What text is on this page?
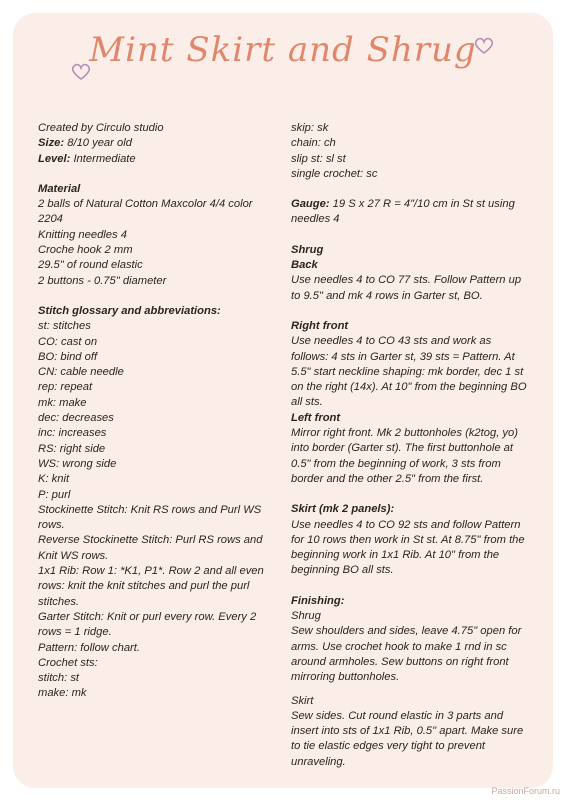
Mint Skirt and Shrug

Created by Circulo studio

Size: 8/10 year old

Level: Intermediate

Material

2 balls of Natural Cotton Maxcolor 4/4 color 2204

Knitting needles 4

Croche hook 2 mm

29.5" of round elastic

2 buttons - 0.75" diameter

Stitch glossary and abbreviations:

st: stitches

CO: cast on

BO: bind off

CN: cable needle

rep: repeat

mk: make

dec: decreases

inc: increases

RS: right side

WS: wrong side

K: knit

P: purl

Stockinette Stitch: Knit RS rows and Purl WS rows.

Reverse Stockinette Stitch: Purl RS rows and Knit WS rows.

1x1 Rib: Row 1: *K1, P1*. Row 2 and all even rows: knit the knit stitches and purl the purl stitches.

Garter Stitch: Knit or purl every row. Every 2 rows = 1 ridge.

Pattern: follow chart.

Crochet sts:

stitch: st

make: mk

skip: sk

chain: ch

slip st: sl st

single crochet: sc

Gauge: 19 S x 27 R = 4"/10 cm in St st using needles 4

Shrug

Back

Use needles 4 to CO 77 sts. Follow Pattern up to 9.5" and mk 4 rows in Garter st, BO.

Right front

Use needles 4 to CO 43 sts and work as follows: 4 sts in Garter st, 39 sts = Pattern. At 5.5" start neckline shaping: mk border, dec 1 st on the right (14x). At 10" from the beginning BO all sts.

Left front

Mirror right front. Mk 2 buttonholes (k2tog, yo) into border (Garter st). The first buttonhole at 0.5" from the beginning of work, 3 sts from border and the other 2.5" from the first.

Skirt (mk 2 panels):

Use needles 4 to CO 92 sts and follow Pattern for 10 rows then work in St st. At 8.75" from the beginning work in 1x1 Rib. At 10" from the beginning BO all sts.

Finishing:

Shrug

Sew shoulders and sides, leave 4.75" open for arms. Use crochet hook to make 1 rnd in sc around armholes. Sew buttons on right front mirroring buttonholes.

Skirt

Sew sides. Cut round elastic in 3 parts and insert into sts of 1x1 Rib, 0.5" apart. Make sure to tie elastic edges very tight to prevent unraveling.

PassionForum.ru
